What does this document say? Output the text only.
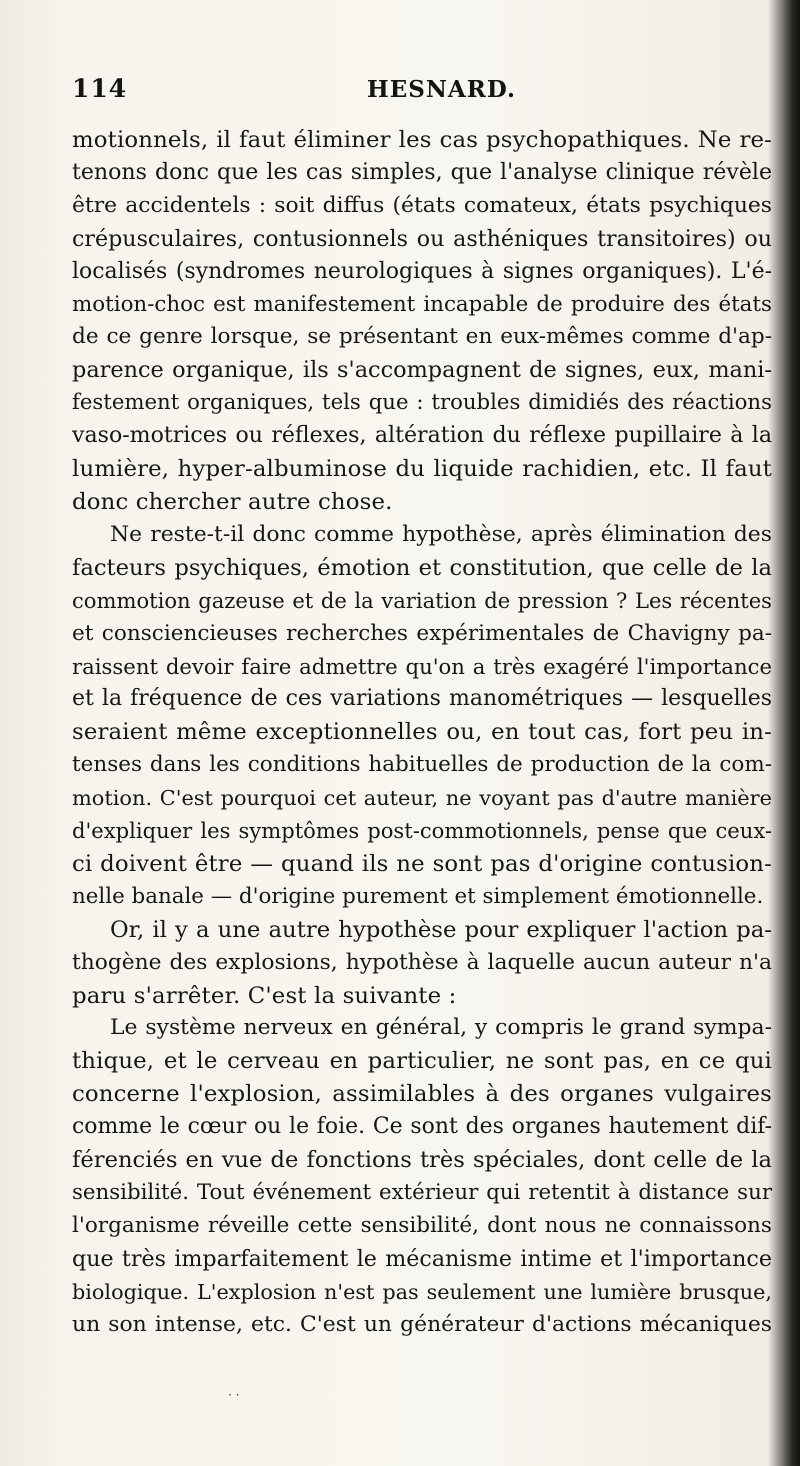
114	HESNARD.

motionnels, il faut éliminer les cas psychopathiques. Ne re-
tenons donc que les cas simples, que l'analyse clinique révèle
être accidentels : soit diffus (états comateux, états psychiques
crépusculaires, contusionnels ou asthéniques transitoires) ou
localisés (syndromes neurologiques à signes organiques). L'é-
motion-choc est manifestement incapable de produire des états
de ce genre lorsque, se présentant en eux-mêmes comme d'ap-
parence organique, ils s'accompagnent de signes, eux, mani-
festement organiques, tels que : troubles dimidiés des réactions
vaso-motrices ou réflexes, altération du réflexe pupillaire à la
lumière, hyper-albuminose du liquide rachidien, etc. Il faut
donc chercher autre chose.

Ne reste-t-il donc comme hypothèse, après élimination des
facteurs psychiques, émotion et constitution, que celle de la
commotion gazeuse et de la variation de pression ? Les récentes
et consciencieuses recherches expérimentales de Chavigny pa-
raissent devoir faire admettre qu'on a très exagéré l'importance
et la fréquence de ces variations manométriques — lesquelles
seraient même exceptionnelles ou, en tout cas, fort peu in-
tenses dans les conditions habituelles de production de la com-
motion. C'est pourquoi cet auteur, ne voyant pas d'autre manière
d'expliquer les symptômes post-commotionnels, pense que ceux-
ci doivent être — quand ils ne sont pas d'origine contusion-
nelle banale — d'origine purement et simplement émotionnelle.

Or, il y a une autre hypothèse pour expliquer l'action pa-
thogène des explosions, hypothèse à laquelle aucun auteur n'a
paru s'arrêter. C'est la suivante :

Le système nerveux en général, y compris le grand sympa-
thique, et le cerveau en particulier, ne sont pas, en ce qui
concerne l'explosion, assimilables à des organes vulgaires
comme le cœur ou le foie. Ce sont des organes hautement dif-
férenciés en vue de fonctions très spéciales, dont celle de la
sensibilité. Tout événement extérieur qui retentit à distance sur
l'organisme réveille cette sensibilité, dont nous ne connaissons
que très imparfaitement le mécanisme intime et l'importance
biologique. L'explosion n'est pas seulement une lumière brusque,
un son intense, etc. C'est un générateur d'actions mécaniques

· ·
